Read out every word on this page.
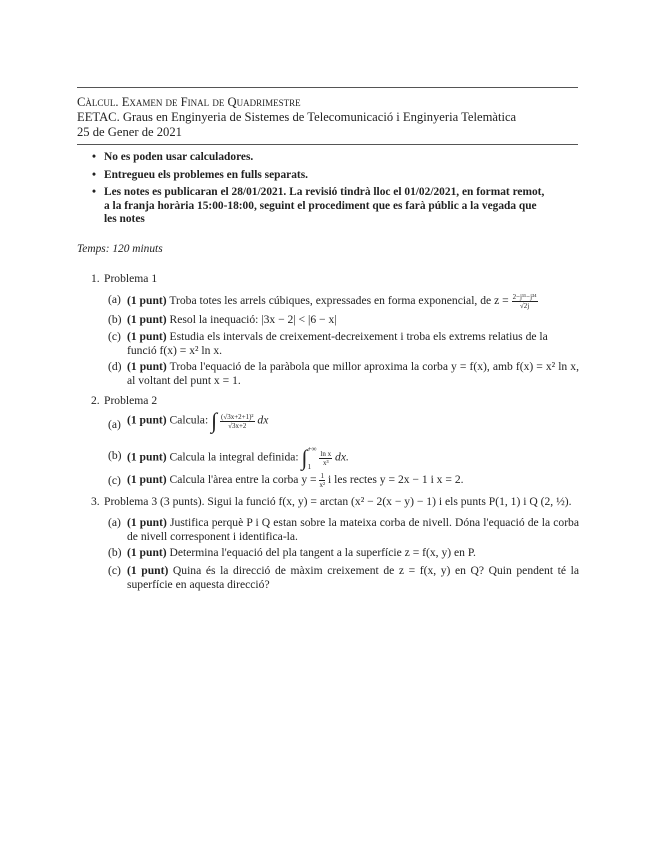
Càlcul. Examen de Final de Quadrimestre
EETAC. Graus en Enginyeria de Sistemes de Telecomunicació i Enginyeria Telemàtica
25 de Gener de 2021
• No es poden usar calculadores.
• Entregueu els problemes en fulls separats.
• Les notes es publicaran el 28/01/2021. La revisió tindrà lloc el 01/02/2021, en format remot, a la franja horària 15:00-18:00, seguint el procediment que es farà públic a la vegada que les notes
Temps: 120 minuts
1. Problema 1
(a) (1 punt) Troba totes les arrels cúbiques, expressades en forma exponencial, de $z = \frac{\text{2−j¹¹−j³⁴}}{√2j}$
(b) (1 punt) Resol la inequació: |3x − 2| < |6 − x|
(c) (1 punt) Estudia els intervals de creixement-decreixement i troba els extrems relatius de la funció f(x) = x² ln x.
(d) (1 punt) Troba l'equació de la paràbola que millor aproxima la corba y = f(x), amb f(x) = x² ln x, al voltant del punt x = 1.
2. Problema 2
(a) (1 punt) Calcula: ∫ $\frac{\text{(√3x+2+1)²}}{√3x+2}$ dx
(b) (1 punt) Calcula la integral definida: ∫ +∞
1

$\frac{\text{ln x}}{\text{x³}}$ dx.
(c) (1 punt) Calcula l'àrea entre la corba $y = \frac{1}{\text{x²}}$ i les rectes y = 2x − 1 i x = 2.
3. Problema 3 (3 punts). Sigui la funció f(x, y) = arctan (x² − 2(x − y) − 1) i els punts P(1, 1) i Q (2, ½).
(a) (1 punt) Justifica perquè P i Q estan sobre la mateixa corba de nivell. Dóna l'equació de la corba de nivell corresponent i identifica-la.
(b) (1 punt) Determina l'equació del pla tangent a la superfície z = f(x, y) en P.
(c) (1 punt) Quina és la direcció de màxim creixement de z = f(x, y) en Q? Quin pendent té la superfície en aquesta direcció?
